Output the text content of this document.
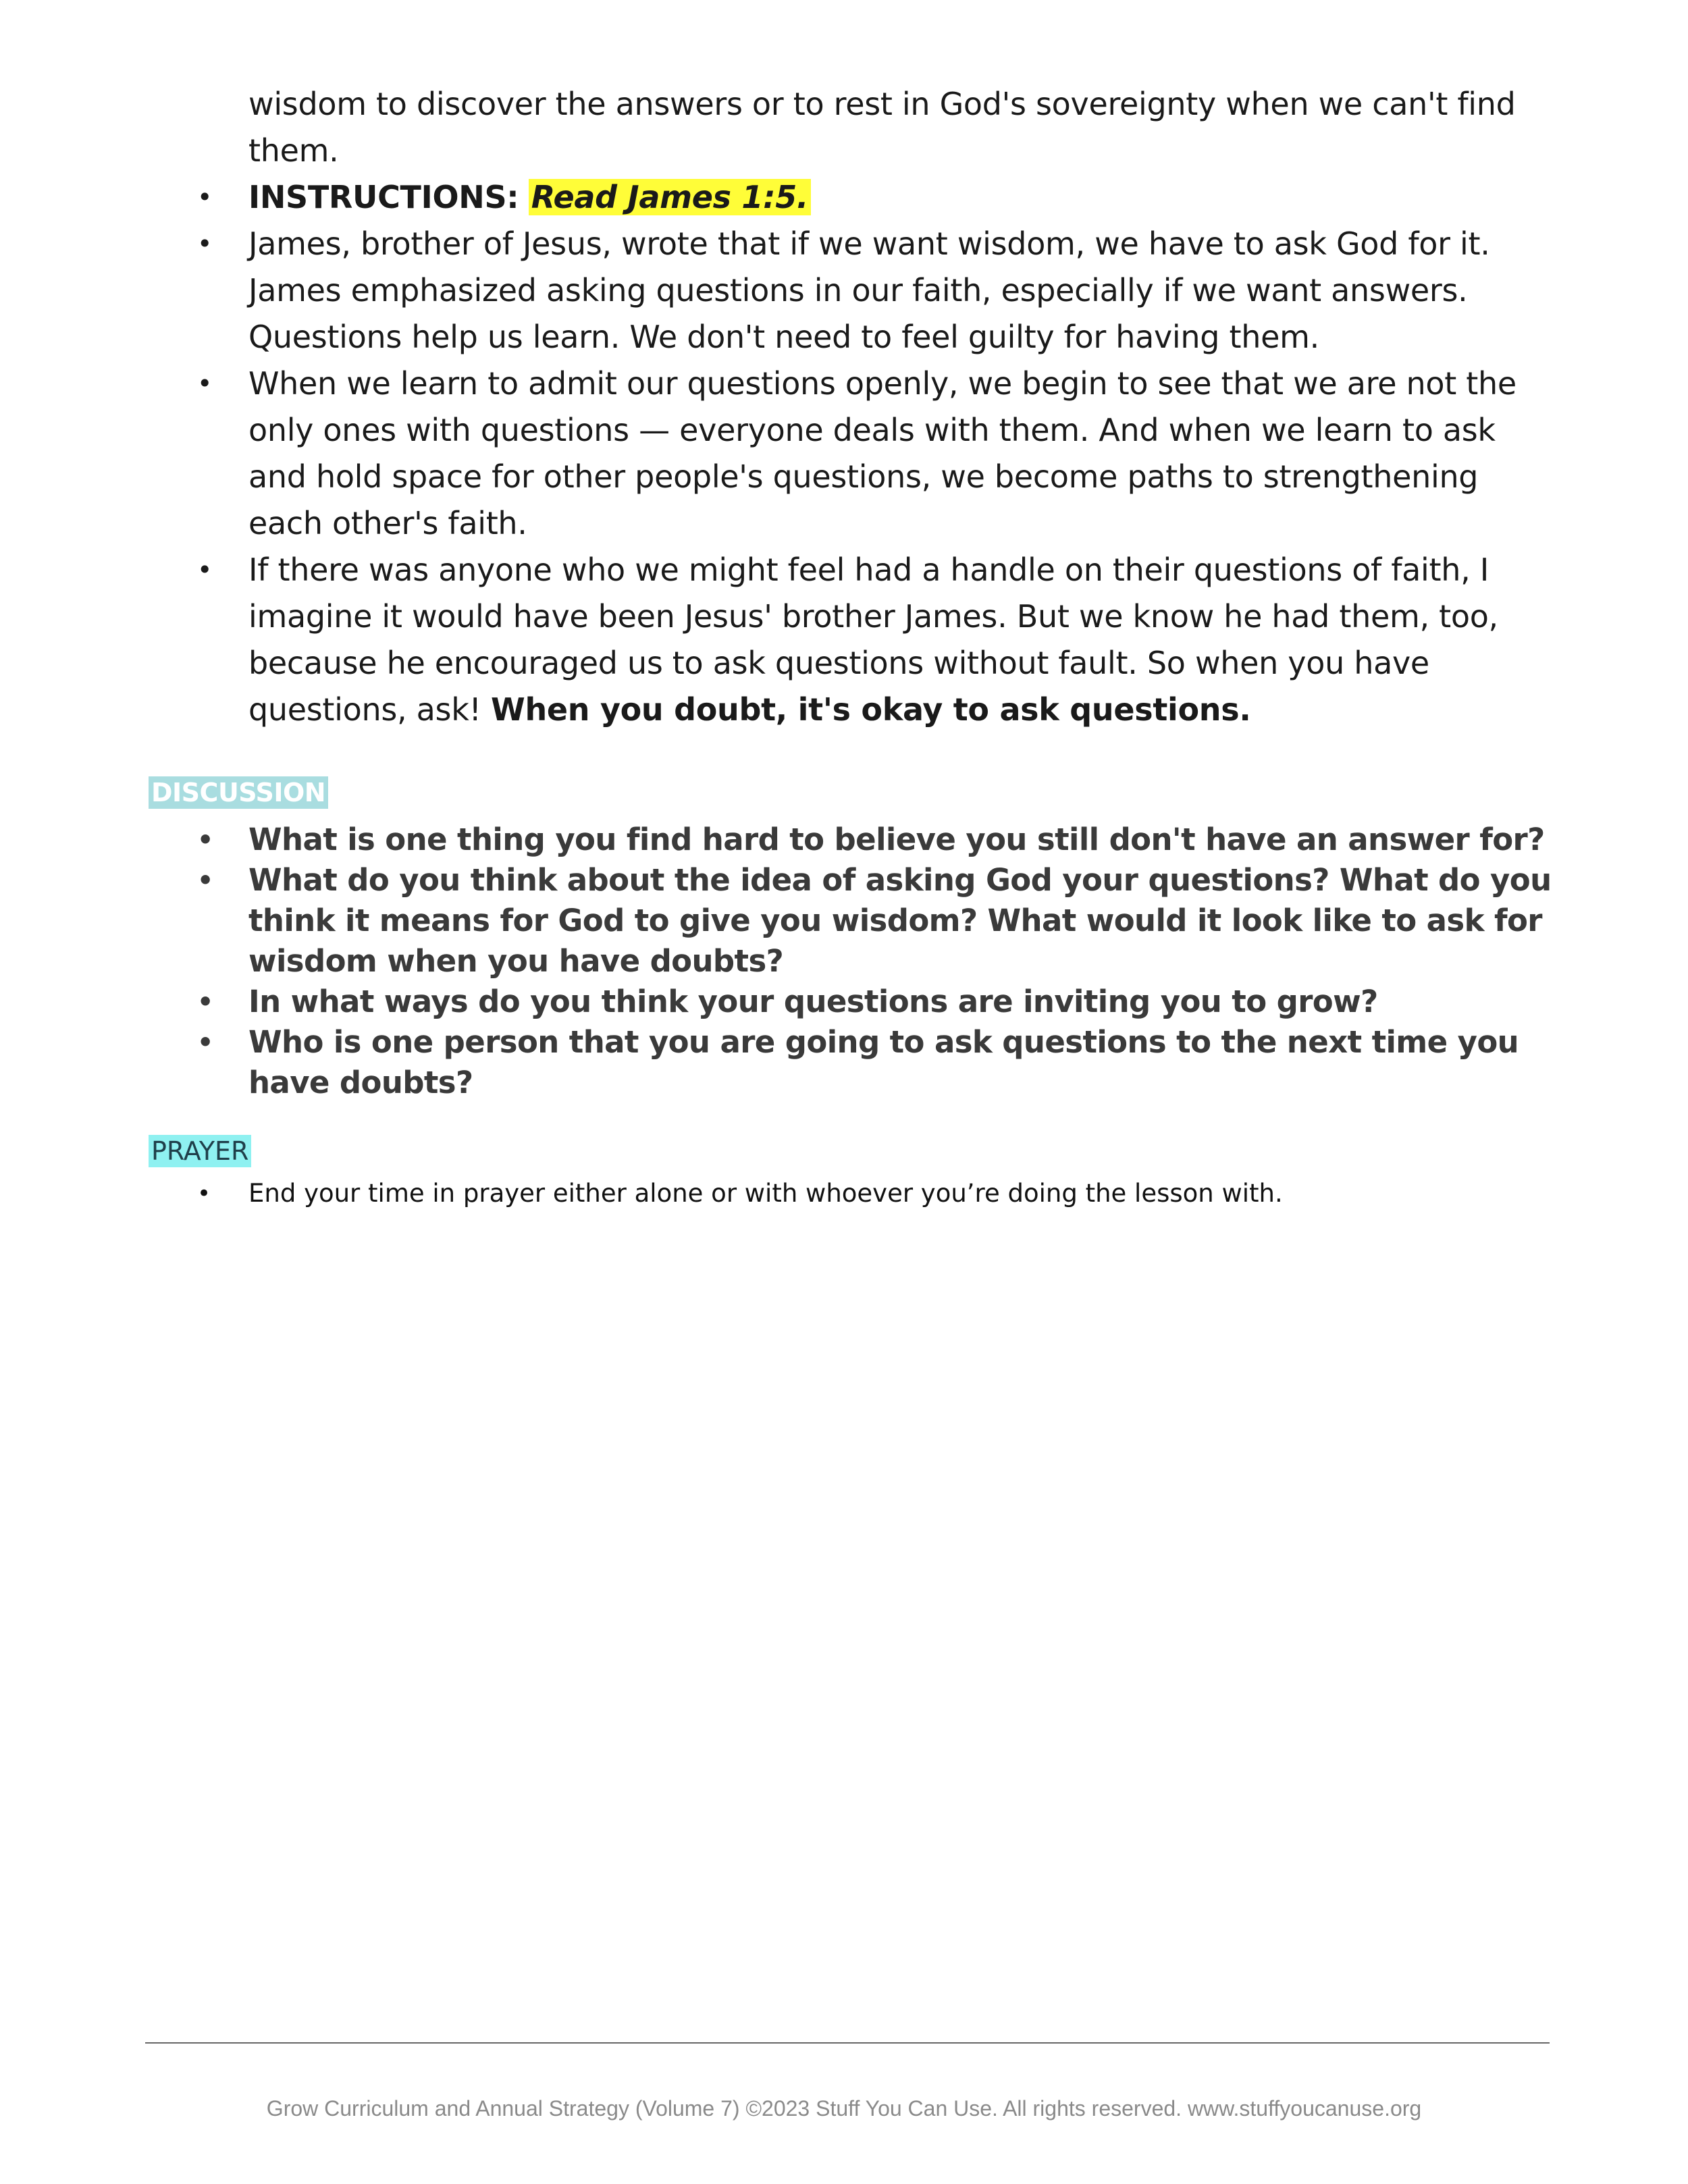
wisdom to discover the answers or to rest in God's sovereignty when we can't find them.
• INSTRUCTIONS: Read James 1:5.
• James, brother of Jesus, wrote that if we want wisdom, we have to ask God for it. James emphasized asking questions in our faith, especially if we want answers. Questions help us learn. We don't need to feel guilty for having them.
• When we learn to admit our questions openly, we begin to see that we are not the only ones with questions — everyone deals with them. And when we learn to ask and hold space for other people's questions, we become paths to strengthening each other's faith.
• If there was anyone who we might feel had a handle on their questions of faith, I imagine it would have been Jesus' brother James. But we know he had them, too, because he encouraged us to ask questions without fault. So when you have questions, ask! When you doubt, it's okay to ask questions.
DISCUSSION
• What is one thing you find hard to believe you still don't have an answer for?
• What do you think about the idea of asking God your questions? What do you think it means for God to give you wisdom? What would it look like to ask for wisdom when you have doubts?
• In what ways do you think your questions are inviting you to grow?
• Who is one person that you are going to ask questions to the next time you have doubts?
PRAYER
• End your time in prayer either alone or with whoever you’re doing the lesson with.
Grow Curriculum and Annual Strategy (Volume 7) ©2023 Stuff You Can Use. All rights reserved. www.stuffyoucanuse.org
